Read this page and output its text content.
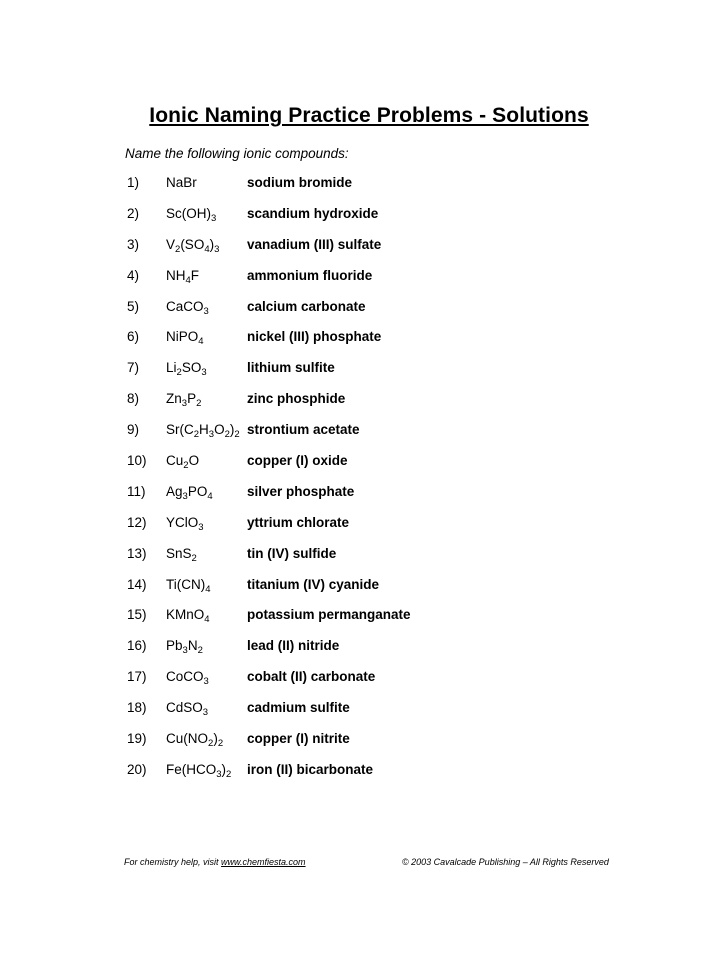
Ionic Naming Practice Problems - Solutions
Name the following ionic compounds:
1) NaBr	sodium bromide
2) $Sc(OH)_3$ scandium hydroxide
3) $V_2(SO_4)_3$ vanadium (III) sulfate
4) $NH_4F$	ammonium fluoride
5) CaCO$_3$	calcium carbonate
6) NiPO$_4$	nickel (III) phosphate
7) $Li_2SO_3$	lithium sulfite
8) $Zn_3P_2$	zinc phosphide
9) $Sr(C_2H_3O_2)_2$ strontium acetate
10) $Cu_2O$	copper (I) oxide
11) $Ag_3PO_4$	silver phosphate
12) YClO$_3$	yttrium chlorate
13) SnS$_2$	tin (IV) sulfide
14) $Ti(CN)_4$	titanium (IV) cyanide
15) KMnO$_4$	potassium permanganate
16) $Pb_3N_2$	lead (II) nitride
17) CoCO$_3$	cobalt (II) carbonate
18) CdSO$_3$	cadmium sulfite
19) $Cu(NO_2)_2$ copper (I) nitrite
20) $Fe(HCO_3)_2$ iron (II) bicarbonate
For chemistry help, visit www.chemfiesta.com	© 2003 Cavalcade Publishing – All Rights Reserved
